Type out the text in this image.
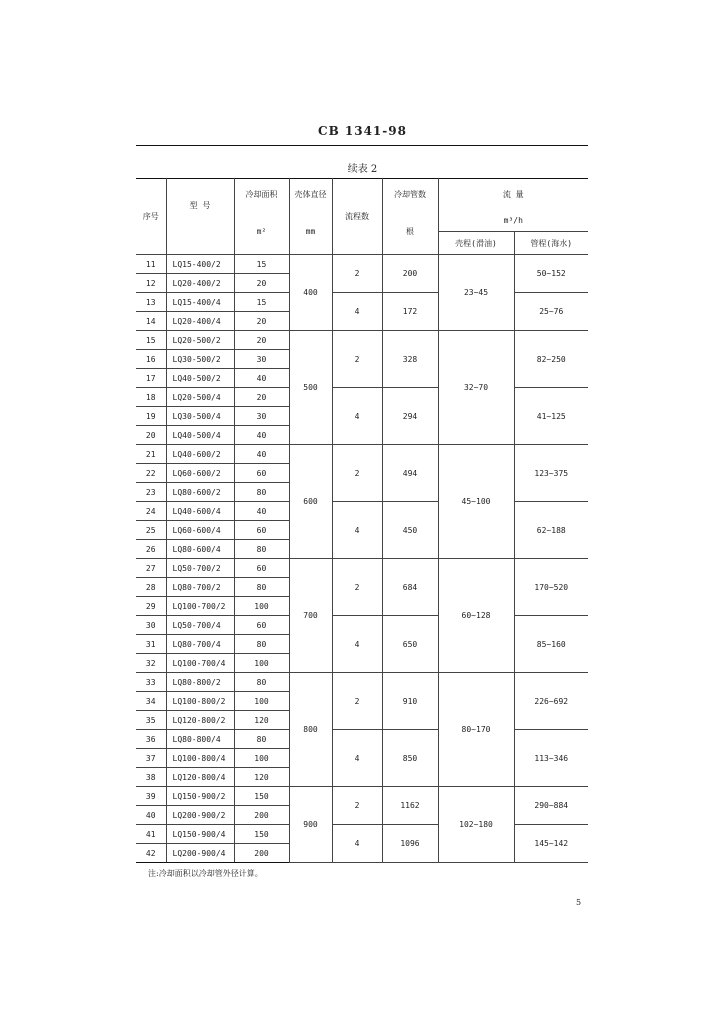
CB 1341-98
续表 2
序号	型 号	冷却面积	壳体直径	流程数	冷却管数	流 量	
		m²	mm		根	m³/h	
						壳程(滑油)	管程(海水)
11	LQ15-400/2	15	400	2	200	23~45	50~152
12	LQ20-400/2	20					
13	LQ15-400/4	15		4	172		25~76
14	LQ20-400/4	20					
15	LQ20-500/2	20	500	2	328	32~70	82~250
16	LQ30-500/2	30					
17	LQ40-500/2	40					
18	LQ20-500/4	20		4	294		41~125
19	LQ30-500/4	30					
20	LQ40-500/4	40					
21	LQ40-600/2	40	600	2	494	45~100	123~375
22	LQ60-600/2	60					
23	LQ80-600/2	80					
24	LQ40-600/4	40		4	450		62~188
25	LQ60-600/4	60					
26	LQ80-600/4	80					
27	LQ50-700/2	60	700	2	684	60~128	170~520
28	LQ80-700/2	80					
29	LQ100-700/2	100					
30	LQ50-700/4	60		4	650		85~160
31	LQ80-700/4	80					
32	LQ100-700/4	100					
33	LQ80-800/2	80	800	2	910	80~170	226~692
34	LQ100-800/2	100					
35	LQ120-800/2	120					
36	LQ80-800/4	80		4	850		113~346
37	LQ100-800/4	100					
38	LQ120-800/4	120					
39	LQ150-900/2	150	900	2	1162	102~180	290~884
40	LQ200-900/2	200					
41	LQ150-900/4	150		4	1096		145~142
42	LQ200-900/4	200					
注:冷却面积以冷却管外径计算。
5
